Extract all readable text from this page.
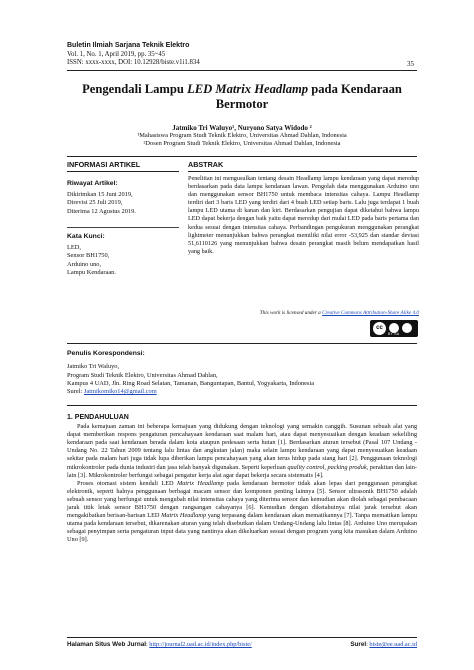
Buletin Ilmiah Sarjana Teknik Elektro
Vol. 1, No. 1, April 2019, pp. 35~45
ISSN: xxxx-xxxx, DOI: 10.12928/biste.v1i1.834	35
Pengendali Lampu LED Matrix Headlamp pada Kendaraan
Bermotor
Jatmiko Tri Waluyo¹, Nuryono Satya Widodo ²
¹Mahasiswa Program Studi Teknik Elektro, Universitas Ahmad Dahlan, Indonesia
²Dosen Program Studi Teknik Elektro, Universitas Ahmad Dahlan, Indonesia
INFORMASI ARTIKEL	ABSTRAK
Riwayat Artikel:
Dikirimkan 15 Juni 2019,
Direvisi 25 Juli 2019,
Diterima 12 Agustus 2019.
Kata Kunci:
LED,
Sensor BH1750,
Arduino uno,
Lampu Kendaraan.
Penelitian ini mengusulkan tentang desain Headlamp lampu kendaraan yang dapat meredup berdasarkan pada data lampu kendaraan lawan. Pengolah data menggunakan Arduino uno dan menggunakan sensor BH1750 untuk membaca intensitas cahaya. Lampu Headlamp terdiri dari 3 baris LED yang terdiri dari 4 buah LED setiap baris. Lalu juga terdapat 1 buah lampu LED utama di kanan dan kiri. Berdasarkan pengujian dapat diketahui bahwa lampu LED dapat bekerja dengan baik yaitu dapat meredup dari mulai LED pada baris pertama dan kedua sesuai dengan intensitas cahaya. Perbandingan pengukuran menggunakan perangkat lightmeter menunjukkan bahwa perangkat memiliki nilai error -53,925 dan standar deviasi 51,6110126 yang menunjukkan bahwa desain perangkat masih belum mendapatkan hasil yang baik.
This work is licensed under a Creative Commons Attribution-Share Alike 4.0
cc
BY SA
Penulis Korespondensi:
Jatmiko Tri Waluyo,
Program Studi Teknik Elektro, Universitas Ahmad Dahlan,
Kampus 4 UAD, Jln. Ring Road Selatan, Tamanan, Banguntapan, Bantul, Yogyakarta, Indonesia
Surel: Jatmikomiko14@gmail.com

1. PENDAHULUAN

Pada kemajuan zaman ini beberapa kemajuan yang didukung dengan teknologi yang semakin canggih. Susunan sebuah alat yang dapat memberikan respons pengaturan pencahayaan kendaraan saat malam hari, atau dapat menyesuaikan dengan keadaan sekeliling kendaraan pada saat kendaraan berada dalam kota ataupun pedesaan serta hutan [1]. Berdasarkan aturan tersebut (Pasal 107 Undang - Undang No. 22 Tahun 2009 tentang lalu lintas dan angkutan jalan) maka selain lampu kendaraan yang dapat menyesuaikan keadaan sekitar pada malam hari juga tidak lupa diberikan lampu pencahayaan yang akan terus hidup pada siang hari [2]. Penggunaan teknologi mikrokontroler pada dunia industri dan jasa telah banyak digunakan. Seperti keperluan quality control, packing produk, perakitan dan lain-lain [3]. Mikrokontroler berfungsi sebagai pengatur kerja alat agar dapat bekerja secara sistematis [4].

Proses otomasi sistem kendali LED Matrix Headlamp pada kendaraan bermotor tidak akan lepas dari penggunaan perangkat elektronik, seperti halnya penggunaan berbagai macam sensor dan komponen penting lainnya [5]. Sensor ultrasonik BH1750 adalah sebuah sensor yang berfungsi untuk mengubah nilai intensitas cahaya yang diterima sensor dan kemudian akan diolah sebagai pembacaan jarak titik letak sensor BH1750 dengan rangsangan cahayanya [6]. Kemudian dengan diketahuinya nilai jarak tersebut akan mengakibatkan berisan-barisan LED Matrix Headlamp yang terpasang dalam kendaraan akan mematikannya [7]. Tanpa mematikan lampu utama pada kendaraan tersebut, dikarenakan aturan yang telah disebutkan dalam Undang-Undang lalu lintas [8]. Arduino Uno merupakan sebagai penyimpan serta pengaturan input data yang nantinya akan dikeluarkan sesuai dengan program yang kita masukan dalam Arduino Uno [9].

Halaman Situs Web Jurnal: http://journal2.uad.ac.id/index.php/biste/	Surel: biste@ee.uad.ac.id
